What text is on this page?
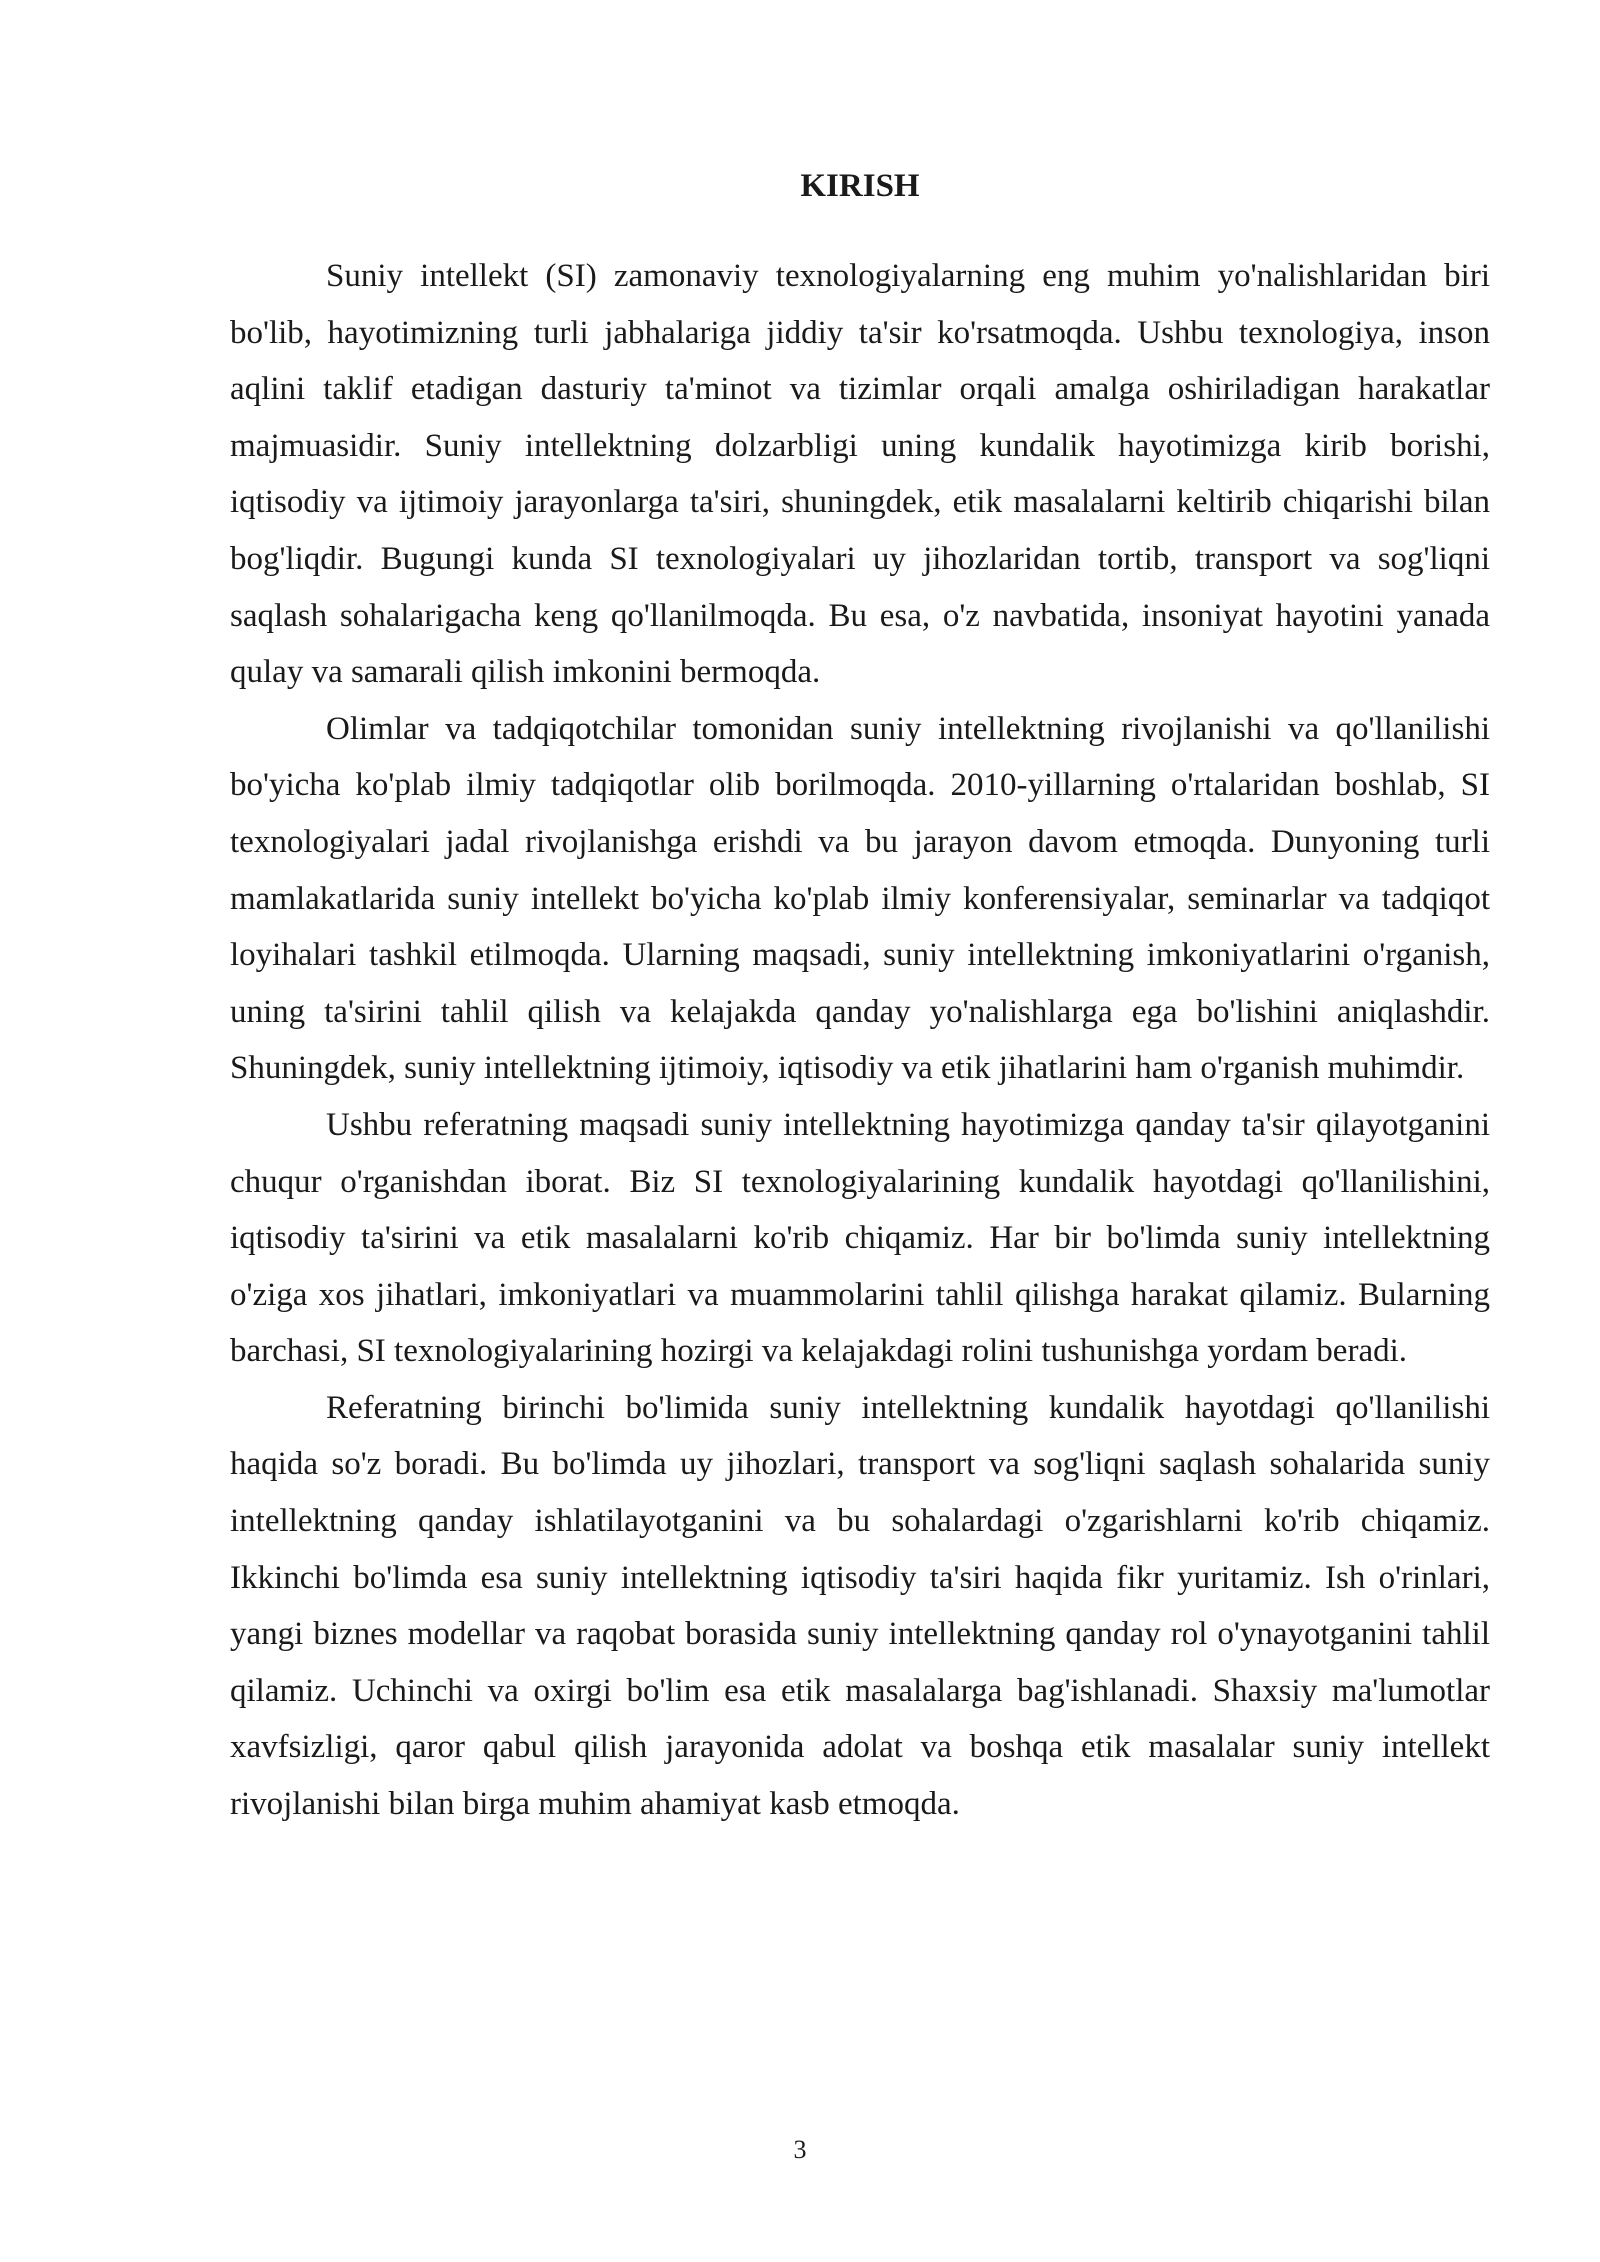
KIRISH

Suniy intellekt (SI) zamonaviy texnologiyalarning eng muhim yo'nalishlaridan biri bo'lib, hayotimizning turli jabhalariga jiddiy ta'sir ko'rsatmoqda. Ushbu texnologiya, inson aqlini taklif etadigan dasturiy ta'minot va tizimlar orqali amalga oshiriladigan harakatlar majmuasidir. Suniy intellektning dolzarbligi uning kundalik hayotimizga kirib borishi, iqtisodiy va ijtimoiy jarayonlarga ta'siri, shuningdek, etik masalalarni keltirib chiqarishi bilan bog'liqdir. Bugungi kunda SI texnologiyalari uy jihozlaridan tortib, transport va sog'liqni saqlash sohalarigacha keng qo'llanilmoqda. Bu esa, o'z navbatida, insoniyat hayotini yanada qulay va samarali qilish imkonini bermoqda.

Olimlar va tadqiqotchilar tomonidan suniy intellektning rivojlanishi va qo'llanilishi bo'yicha ko'plab ilmiy tadqiqotlar olib borilmoqda. 2010-yillarning o'rtalaridan boshlab, SI texnologiyalari jadal rivojlanishga erishdi va bu jarayon davom etmoqda. Dunyoning turli mamlakatlarida suniy intellekt bo'yicha ko'plab ilmiy konferensiyalar, seminarlar va tadqiqot loyihalari tashkil etilmoqda. Ularning maqsadi, suniy intellektning imkoniyatlarini o'rganish, uning ta'sirini tahlil qilish va kelajakda qanday yo'nalishlarga ega bo'lishini aniqlashdir. Shuningdek, suniy intellektning ijtimoiy, iqtisodiy va etik jihatlarini ham o'rganish muhimdir.

Ushbu referatning maqsadi suniy intellektning hayotimizga qanday ta'sir qilayotganini chuqur o'rganishdan iborat. Biz SI texnologiyalarining kundalik hayotdagi qo'llanilishini, iqtisodiy ta'sirini va etik masalalarni ko'rib chiqamiz. Har bir bo'limda suniy intellektning o'ziga xos jihatlari, imkoniyatlari va muammolarini tahlil qilishga harakat qilamiz. Bularning barchasi, SI texnologiyalarining hozirgi va kelajakdagi rolini tushunishga yordam beradi.

Referatning birinchi bo'limida suniy intellektning kundalik hayotdagi qo'llanilishi haqida so'z boradi. Bu bo'limda uy jihozlari, transport va sog'liqni saqlash sohalarida suniy intellektning qanday ishlatilayotganini va bu sohalardagi o'zgarishlarni ko'rib chiqamiz. Ikkinchi bo'limda esa suniy intellektning iqtisodiy ta'siri haqida fikr yuritamiz. Ish o'rinlari, yangi biznes modellar va raqobat borasida suniy intellektning qanday rol o'ynayotganini tahlil qilamiz. Uchinchi va oxirgi bo'lim esa etik masalalarga bag'ishlanadi. Shaxsiy ma'lumotlar xavfsizligi, qaror qabul qilish jarayonida adolat va boshqa etik masalalar suniy intellekt rivojlanishi bilan birga muhim ahamiyat kasb etmoqda.

3
